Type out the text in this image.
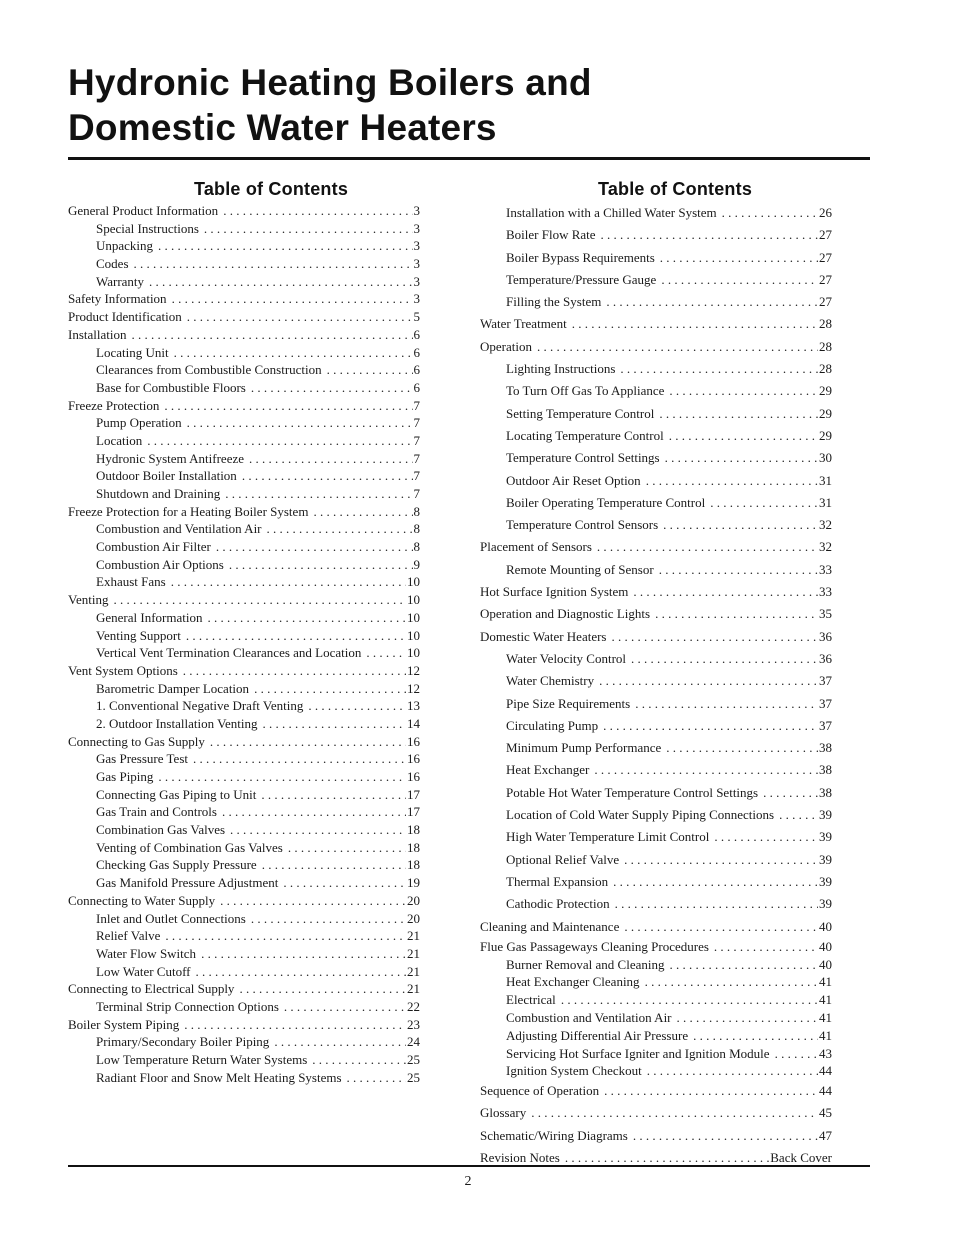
Hydronic Heating Boilers and
Domestic Water Heaters
Table of Contents
General Product Information . . .	3
Special Instructions . . .	3
Unpacking . . .	3
Codes . . .	3
Warranty . . .	3
Safety Information . . .	3
Product Identification . . .	5
Installation . . .	6
Locating Unit . . .	6
Clearances from Combustible Construction . . .	6
Base for Combustible Floors . . .	6
Freeze Protection . . .	7
Pump Operation . . .	7
Location . . .	7
Hydronic System Antifreeze . . .	7
Outdoor Boiler Installation . . .	7
Shutdown and Draining . . .	7
Freeze Protection for a Heating Boiler System . . .	8
Combustion and Ventilation Air . . .	8
Combustion Air Filter . . .	8
Combustion Air Options . . .	9
Exhaust Fans . . .	10
Venting . . .	10
General Information . . .	10
Venting Support . . .	10
Vertical Vent Termination Clearances and Location . . .	10
Vent System Options . . .	12
Barometric Damper Location . . .	12
1. Conventional Negative Draft Venting . . .	13
2. Outdoor Installation Venting . . .	14
Connecting to Gas Supply . . .	16
Gas Pressure Test . . .	16
Gas Piping . . .	16
Connecting Gas Piping to Unit . . .	17
Gas Train and Controls . . .	17
Combination Gas Valves . . .	18
Venting of Combination Gas Valves . . .	18
Checking Gas Supply Pressure . . .	18
Gas Manifold Pressure Adjustment . . .	19
Connecting to Water Supply . . .	20
Inlet and Outlet Connections . . .	20
Relief Valve . . .	21
Water Flow Switch . . .	21
Low Water Cutoff . . .	21
Connecting to Electrical Supply . . .	21
Terminal Strip Connection Options . . .	22
Boiler System Piping . . .	23
Primary/Secondary Boiler Piping . . .	24
Low Temperature Return Water Systems . . .	25
Radiant Floor and Snow Melt Heating Systems . . .	25
Table of Contents
Installation with a Chilled Water System . . .	26
Boiler Flow Rate . . .	27
Boiler Bypass Requirements . . .	27
Temperature/Pressure Gauge . . .	27
Filling the System . . .	27
Water Treatment . . .	28
Operation . . .	28
Lighting Instructions . . .	28
To Turn Off Gas To Appliance . . .	29
Setting Temperature Control . . .	29
Locating Temperature Control . . .	29
Temperature Control Settings . . .	30
Outdoor Air Reset Option . . .	31
Boiler Operating Temperature Control . . .	31
Temperature Control Sensors . . .	32
Placement of Sensors . . .	32
Remote Mounting of Sensor . . .	33
Hot Surface Ignition System . . .	33
Operation and Diagnostic Lights . . .	35
Domestic Water Heaters . . .	36
Water Velocity Control . . .	36
Water Chemistry . . .	37
Pipe Size Requirements . . .	37
Circulating Pump . . .	37
Minimum Pump Performance . . .	38
Heat Exchanger . . .	38
Potable Hot Water Temperature Control Settings . . .	38
Location of Cold Water Supply Piping Connections . . .	39
High Water Temperature Limit Control . . .	39
Optional Relief Valve . . .	39
Thermal Expansion . . .	39
Cathodic Protection . . .	39
Cleaning and Maintenance . . .	40
Flue Gas Passageways Cleaning Procedures . . .	40
Burner Removal and Cleaning . . .	40
Heat Exchanger Cleaning . . .	41
Electrical . . .	41
Combustion and Ventilation Air . . .	41
Adjusting Differential Air Pressure . . .	41
Servicing Hot Surface Igniter and Ignition Module . . .	43
Ignition System Checkout . . .	44
Sequence of Operation . . .	44
Glossary . . .	45
Schematic/Wiring Diagrams . . .	47
Revision Notes . . .	Back Cover
2
